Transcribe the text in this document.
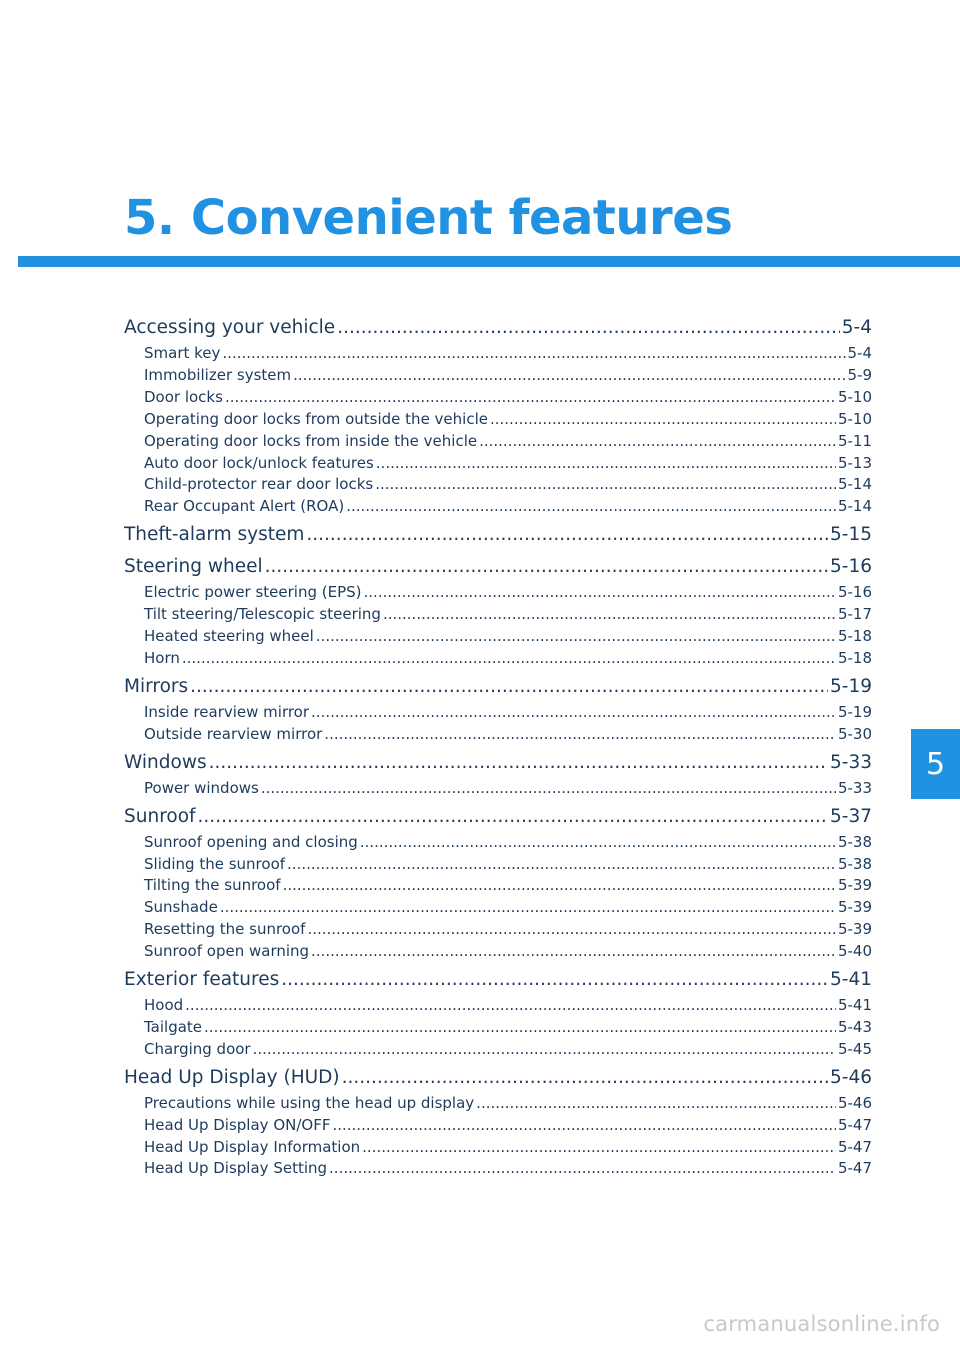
5. Convenient features
5
Accessing your vehicle .....	5-4
Smart key .....	5-4
Immobilizer system .....	5-9
Door locks .....	5-10
Operating door locks from outside the vehicle .....	5-10
Operating door locks from inside the vehicle .....	5-11
Auto door lock/unlock features .....	5-13
Child-protector rear door locks .....	5-14
Rear Occupant Alert (ROA) .....	5-14
Theft-alarm system .....	5-15
Steering wheel .....	5-16
Electric power steering (EPS) .....	5-16
Tilt steering/Telescopic steering .....	5-17
Heated steering wheel .....	5-18
Horn .....	5-18
Mirrors .....	5-19
Inside rearview mirror .....	5-19
Outside rearview mirror .....	5-30
Windows .....	5-33
Power windows .....	5-33
Sunroof .....	5-37
Sunroof opening and closing .....	5-38
Sliding the sunroof .....	5-38
Tilting the sunroof .....	5-39
Sunshade .....	5-39
Resetting the sunroof .....	5-39
Sunroof open warning .....	5-40
Exterior features .....	5-41
Hood .....	5-41
Tailgate .....	5-43
Charging door .....	5-45
Head Up Display (HUD) .....	5-46
Precautions while using the head up display .....	5-46
Head Up Display ON/OFF .....	5-47
Head Up Display Information .....	5-47
Head Up Display Setting .....	5-47
carmanualsonline.info
